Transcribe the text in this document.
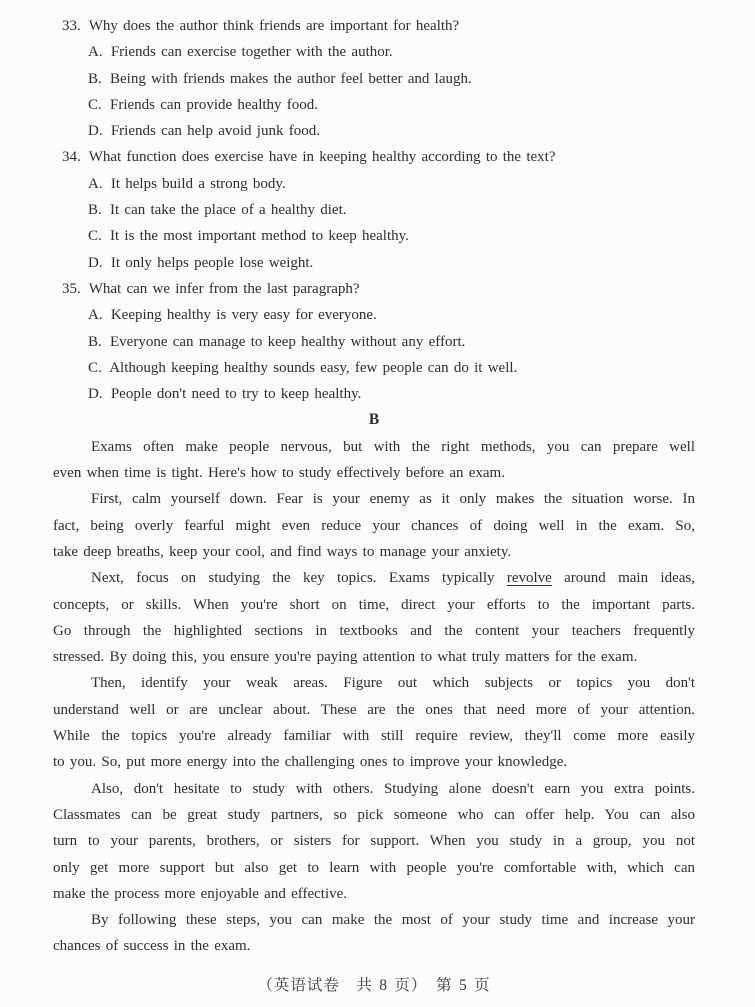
33. Why does the author think friends are important for health?
A. Friends can exercise together with the author.
B. Being with friends makes the author feel better and laugh.
C. Friends can provide healthy food.
D. Friends can help avoid junk food.
34. What function does exercise have in keeping healthy according to the text?
A. It helps build a strong body.
B. It can take the place of a healthy diet.
C. It is the most important method to keep healthy.
D. It only helps people lose weight.
35. What can we infer from the last paragraph?
A. Keeping healthy is very easy for everyone.
B. Everyone can manage to keep healthy without any effort.
C. Although keeping healthy sounds easy, few people can do it well.
D. People don't need to try to keep healthy.
B
Exams often make people nervous, but with the right methods, you can prepare well
even when time is tight. Here's how to study effectively before an exam.
First, calm yourself down. Fear is your enemy as it only makes the situation worse. In
fact, being overly fearful might even reduce your chances of doing well in the exam. So,
take deep breaths, keep your cool, and find ways to manage your anxiety.
Next, focus on studying the key topics. Exams typically revolve around main ideas,
concepts, or skills. When you're short on time, direct your efforts to the important parts.
Go through the highlighted sections in textbooks and the content your teachers frequently
stressed. By doing this, you ensure you're paying attention to what truly matters for the exam.
Then, identify your weak areas. Figure out which subjects or topics you don't
understand well or are unclear about. These are the ones that need more of your attention.
While the topics you're already familiar with still require review, they'll come more easily
to you. So, put more energy into the challenging ones to improve your knowledge.
Also, don't hesitate to study with others. Studying alone doesn't earn you extra points.
Classmates can be great study partners, so pick someone who can offer help. You can also
turn to your parents, brothers, or sisters for support. When you study in a group, you not
only get more support but also get to learn with people you're comfortable with, which can
make the process more enjoyable and effective.
By following these steps, you can make the most of your study time and increase your
chances of success in the exam.
（英语试卷　共 8 页）　第 5 页
